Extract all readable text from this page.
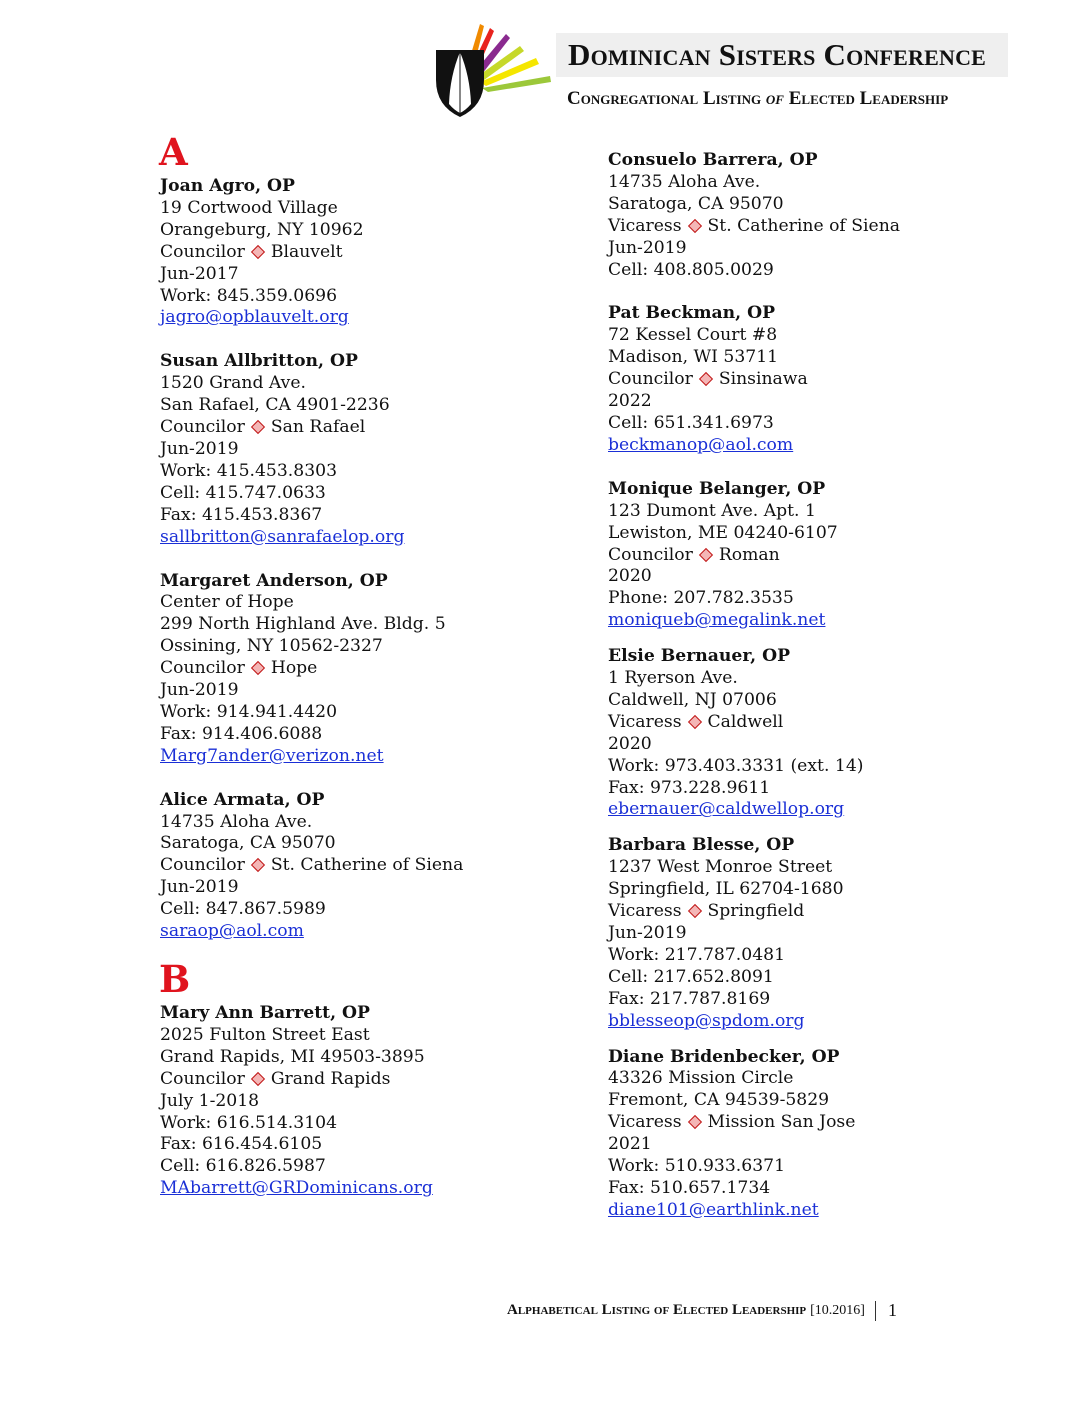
Dominican Sisters Conference
Congregational Listing of Elected Leadership
A
Joan Agro, OP
19 Cortwood Village
Orangeburg, NY 10962
Councilor Blauvelt
Jun-2017
Work: 845.359.0696
jagro@opblauvelt.org
Susan Allbritton, OP
1520 Grand Ave.
San Rafael, CA 4901-2236
Councilor San Rafael
Jun-2019
Work: 415.453.8303
Cell: 415.747.0633
Fax: 415.453.8367
sallbritton@sanrafaelop.org
Margaret Anderson, OP
Center of Hope
299 North Highland Ave. Bldg. 5
Ossining, NY 10562-2327
Councilor Hope
Jun-2019
Work: 914.941.4420
Fax: 914.406.6088
Marg7ander@verizon.net
Alice Armata, OP
14735 Aloha Ave.
Saratoga, CA 95070
Councilor St. Catherine of Siena
Jun-2019
Cell: 847.867.5989
saraop@aol.com
B
Mary Ann Barrett, OP
2025 Fulton Street East
Grand Rapids, MI 49503-3895
Councilor Grand Rapids
July 1-2018
Work: 616.514.3104
Fax: 616.454.6105
Cell: 616.826.5987
MAbarrett@GRDominicans.org
Consuelo Barrera, OP
14735 Aloha Ave.
Saratoga, CA 95070
Vicaress St. Catherine of Siena
Jun-2019
Cell: 408.805.0029
Pat Beckman, OP
72 Kessel Court #8
Madison, WI 53711
Councilor Sinsinawa
2022
Cell: 651.341.6973
beckmanop@aol.com
Monique Belanger, OP
123 Dumont Ave. Apt. 1
Lewiston, ME 04240-6107
Councilor Roman
2020
Phone: 207.782.3535
moniqueb@megalink.net
Elsie Bernauer, OP
1 Ryerson Ave.
Caldwell, NJ 07006
Vicaress Caldwell
2020
Work: 973.403.3331 (ext. 14)
Fax: 973.228.9611
ebernauer@caldwellop.org
Barbara Blesse, OP
1237 West Monroe Street
Springfield, IL 62704-1680
Vicaress Springfield
Jun-2019
Work: 217.787.0481
Cell: 217.652.8091
Fax: 217.787.8169
bblesseop@spdom.org
Diane Bridenbecker, OP
43326 Mission Circle
Fremont, CA 94539-5829
Vicaress Mission San Jose
2021
Work: 510.933.6371
Fax: 510.657.1734
diane101@earthlink.net
Alphabetical Listing of Elected Leadership [10.2016] 1
